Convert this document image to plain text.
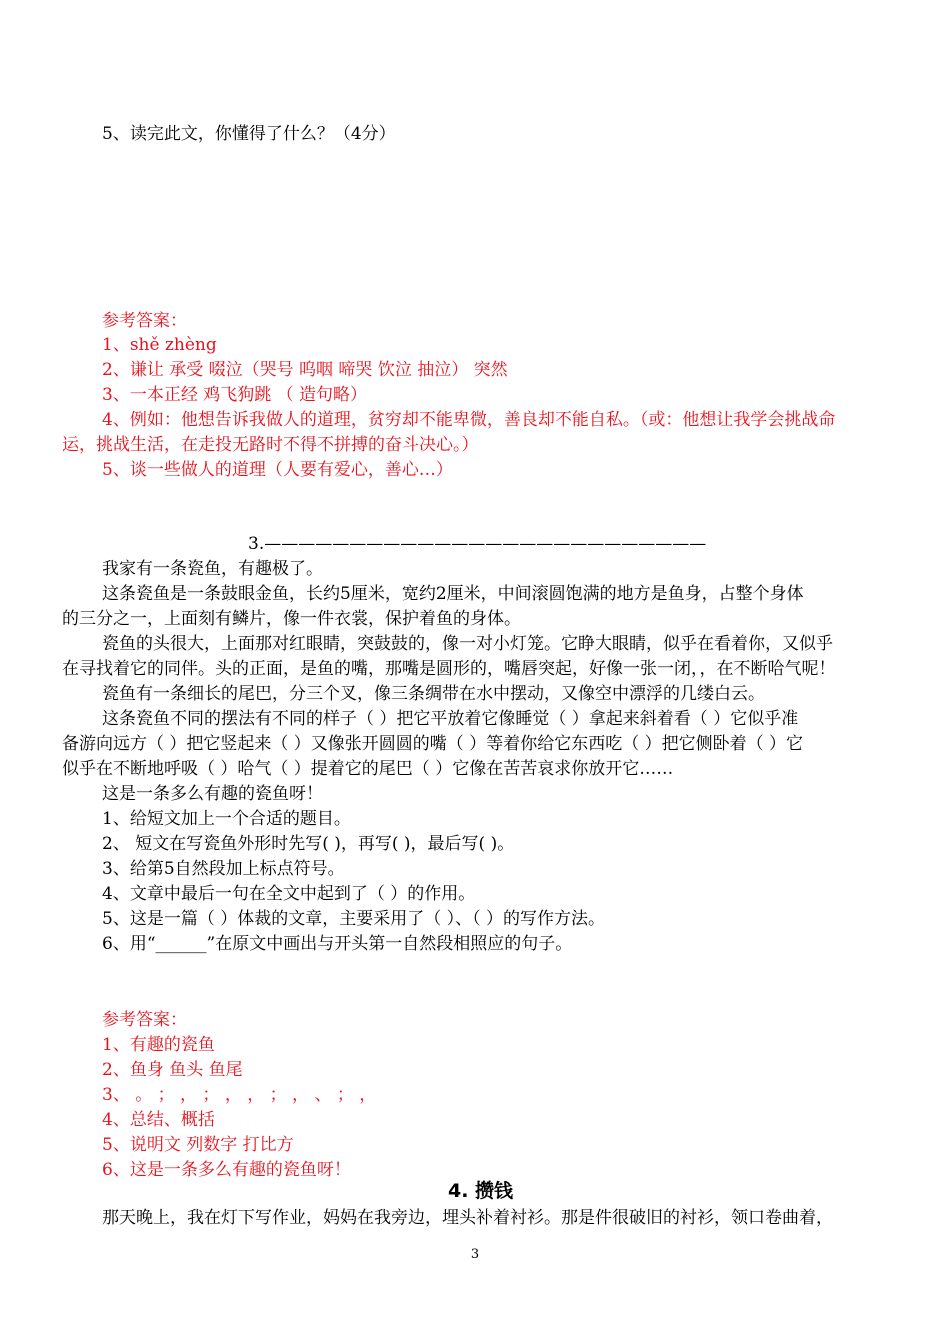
5、读完此文，你懂得了什么？（4分）
参考答案：
1、shě zhèng
2、谦让 承受 啜泣（哭号 呜咽 啼哭 饮泣 抽泣） 突然
3、一本正经 鸡飞狗跳 （ 造句略）
4、例如：他想告诉我做人的道理，贫穷却不能卑微，善良却不能自私。（或：他想让我学会挑战命
运，挑战生活，在走投无路时不得不拼搏的奋斗决心。）
5、谈一些做人的道理（人要有爱心，善心…）
3.——————————————————————————
我家有一条瓷鱼，有趣极了。
这条瓷鱼是一条鼓眼金鱼，长约5厘米，宽约2厘米，中间滚圆饱满的地方是鱼身，占整个身体
的三分之一，上面刻有鳞片，像一件衣裳，保护着鱼的身体。
瓷鱼的头很大，上面那对红眼睛，突鼓鼓的，像一对小灯笼。它睁大眼睛，似乎在看着你，又似乎
在寻找着它的同伴。头的正面，是鱼的嘴，那嘴是圆形的，嘴唇突起，好像一张一闭，，在不断哈气呢！
瓷鱼有一条细长的尾巴，分三个叉，像三条绸带在水中摆动，又像空中漂浮的几缕白云。
这条瓷鱼不同的摆法有不同的样子（ ）把它平放着它像睡觉（ ）拿起来斜着看（ ）它似乎准
备游向远方（ ）把它竖起来（ ）又像张开圆圆的嘴（ ）等着你给它东西吃（ ）把它侧卧着（ ）它
似乎在不断地呼吸（ ）哈气（ ）提着它的尾巴（ ）它像在苦苦哀求你放开它……
这是一条多么有趣的瓷鱼呀！
1、给短文加上一个合适的题目。
2、 短文在写瓷鱼外形时先写( )，再写( )，最后写( )。
3、给第5自然段加上标点符号。
4、文章中最后一句在全文中起到了（ ）的作用。
5、这是一篇（ ）体裁的文章，主要采用了（ ）、（ ）的写作方法。
6、用“______”在原文中画出与开头第一自然段相照应的句子。
参考答案：
1、有趣的瓷鱼
2、鱼身 鱼头 鱼尾
3、 。 ； ， ； ， ， ； ， 、 ； ，
4、总结、概括
5、说明文 列数字 打比方
6、这是一条多么有趣的瓷鱼呀！
4. 攒钱
那天晚上，我在灯下写作业，妈妈在我旁边，埋头补着衬衫。那是件很破旧的衬衫，领口卷曲着，
3
